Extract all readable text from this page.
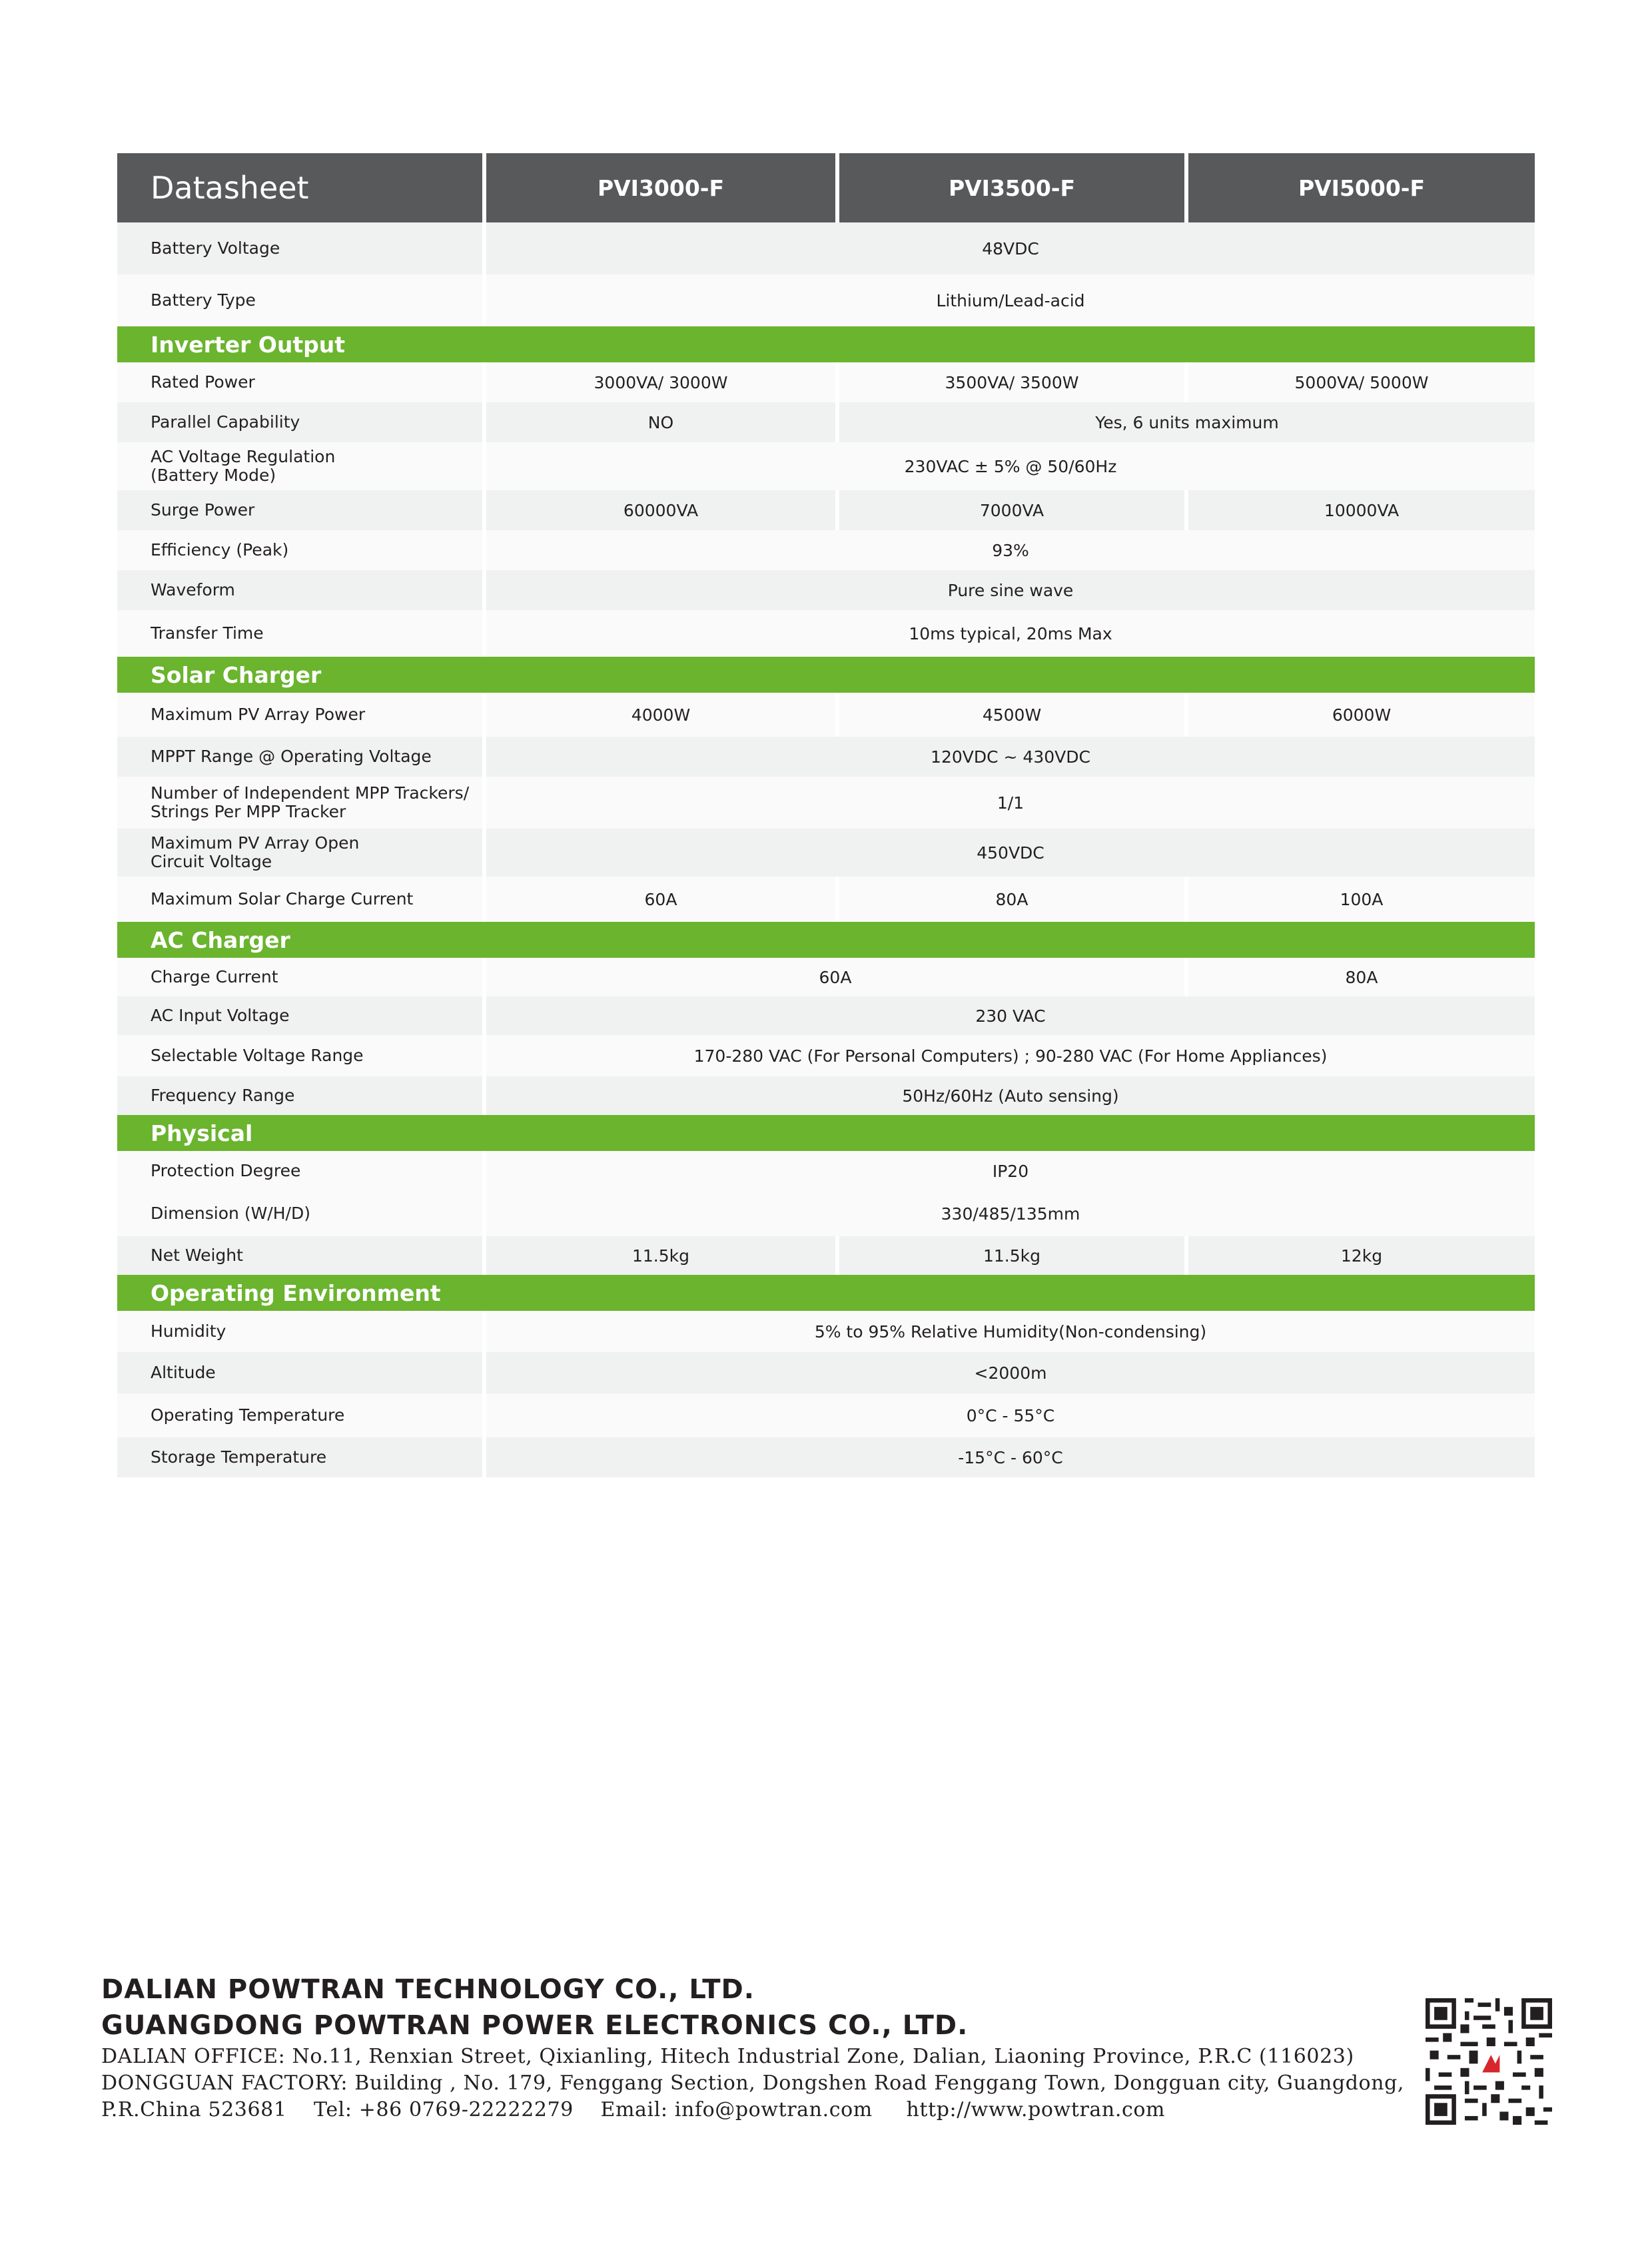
Datasheet	PVI3000-F	PVI3500-F	PVI5000-F
Battery Voltage	48VDC
Battery Type	Lithium/Lead-acid
Inverter Output
Rated Power	3000VA/ 3000W	3500VA/ 3500W	5000VA/ 5000W
Parallel Capability	NO	Yes, 6 units maximum
AC Voltage Regulation
(Battery Mode)	230VAC ± 5% @ 50/60Hz
Surge Power	60000VA	7000VA	10000VA
Efficiency (Peak)	93%
Waveform	Pure sine wave
Transfer Time	10ms typical, 20ms Max
Solar Charger
Maximum PV Array Power	4000W	4500W	6000W
MPPT Range @ Operating Voltage	120VDC ~ 430VDC
Number of Independent MPP Trackers/
Strings Per MPP Tracker	1/1
Maximum PV Array Open
Circuit Voltage	450VDC
Maximum Solar Charge Current	60A	80A	100A
AC Charger
Charge Current	60A	80A
AC Input Voltage	230 VAC
Selectable Voltage Range	170-280 VAC (For Personal Computers) ; 90-280 VAC (For Home Appliances)
Frequency Range	50Hz/60Hz (Auto sensing)
Physical
Protection Degree	IP20
Dimension (W/H/D)	330/485/135mm
Net Weight	11.5kg	11.5kg	12kg
Operating Environment
Humidity	5% to 95% Relative Humidity(Non-condensing)
Altitude	<2000m
Operating Temperature	0°C - 55°C
Storage Temperature	-15°C - 60°C
DALIAN POWTRAN TECHNOLOGY CO., LTD.
GUANGDONG POWTRAN POWER ELECTRONICS CO., LTD.
DALIAN OFFICE: No.11, Renxian Street, Qixianling, Hitech Industrial Zone, Dalian, Liaoning Province, P.R.C (116023)
DONGGUAN FACTORY: Building , No. 179, Fenggang Section, Dongshen Road Fenggang Town, Dongguan city, Guangdong,
P.R.China 523681    Tel: +86 0769-22222279    Email: info@powtran.com     http://www.powtran.com
